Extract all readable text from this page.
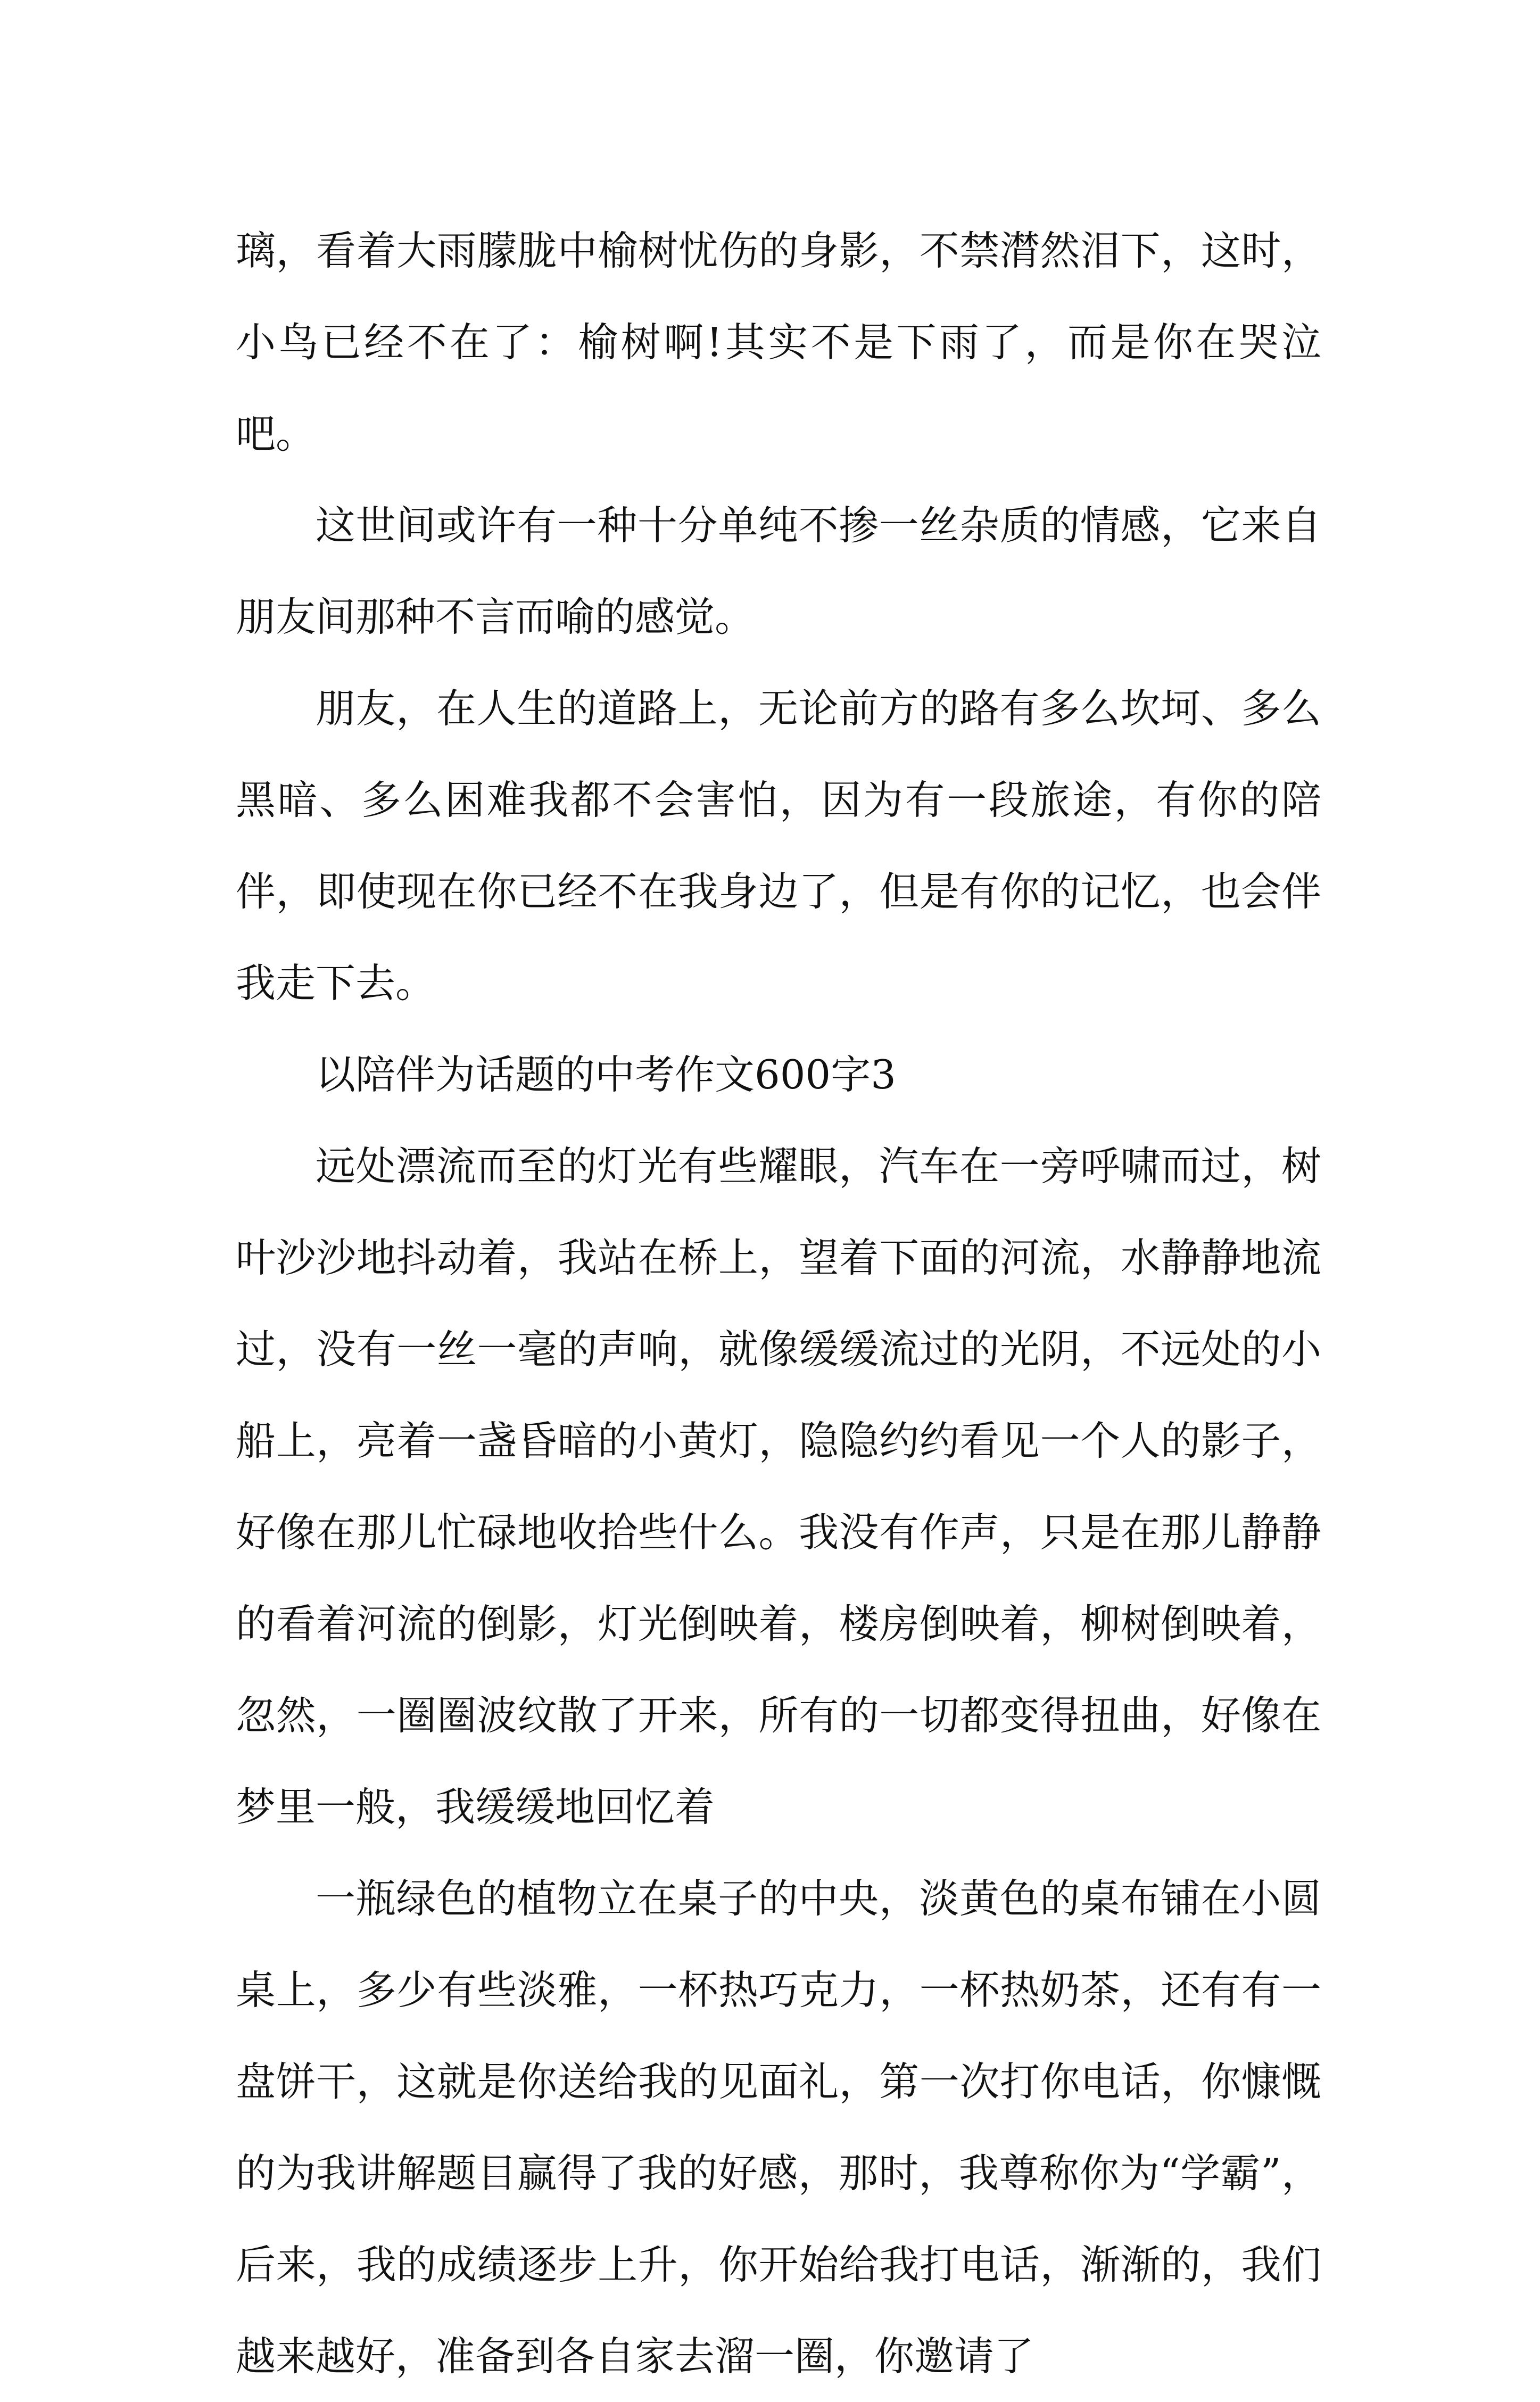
璃，看着大雨朦胧中榆树忧伤的身影，不禁潸然泪下，这时，小鸟已经不在了：榆树啊!其实不是下雨了，而是你在哭泣吧。

这世间或许有一种十分单纯不掺一丝杂质的情感，它来自朋友间那种不言而喻的感觉。

朋友，在人生的道路上，无论前方的路有多么坎坷、多么黑暗、多么困难我都不会害怕，因为有一段旅途，有你的陪伴，即使现在你已经不在我身边了，但是有你的记忆，也会伴我走下去。

以陪伴为话题的中考作文600字3

远处漂流而至的灯光有些耀眼，汽车在一旁呼啸而过，树叶沙沙地抖动着，我站在桥上，望着下面的河流，水静静地流过，没有一丝一毫的声响，就像缓缓流过的光阴，不远处的小船上，亮着一盏昏暗的小黄灯，隐隐约约看见一个人的影子，好像在那儿忙碌地收拾些什么。我没有作声，只是在那儿静静的看着河流的倒影，灯光倒映着，楼房倒映着，柳树倒映着，忽然，一圈圈波纹散了开来，所有的一切都变得扭曲，好像在梦里一般，我缓缓地回忆着

一瓶绿色的植物立在桌子的中央，淡黄色的桌布铺在小圆桌上，多少有些淡雅，一杯热巧克力，一杯热奶茶，还有有一盘饼干，这就是你送给我的见面礼，第一次打你电话，你慷慨的为我讲解题目赢得了我的好感，那时，我尊称你为“学霸”，后来，我的成绩逐步上升，你开始给我打电话，渐渐的，我们越来越好，准备到各自家去溜一圈，你邀请了
